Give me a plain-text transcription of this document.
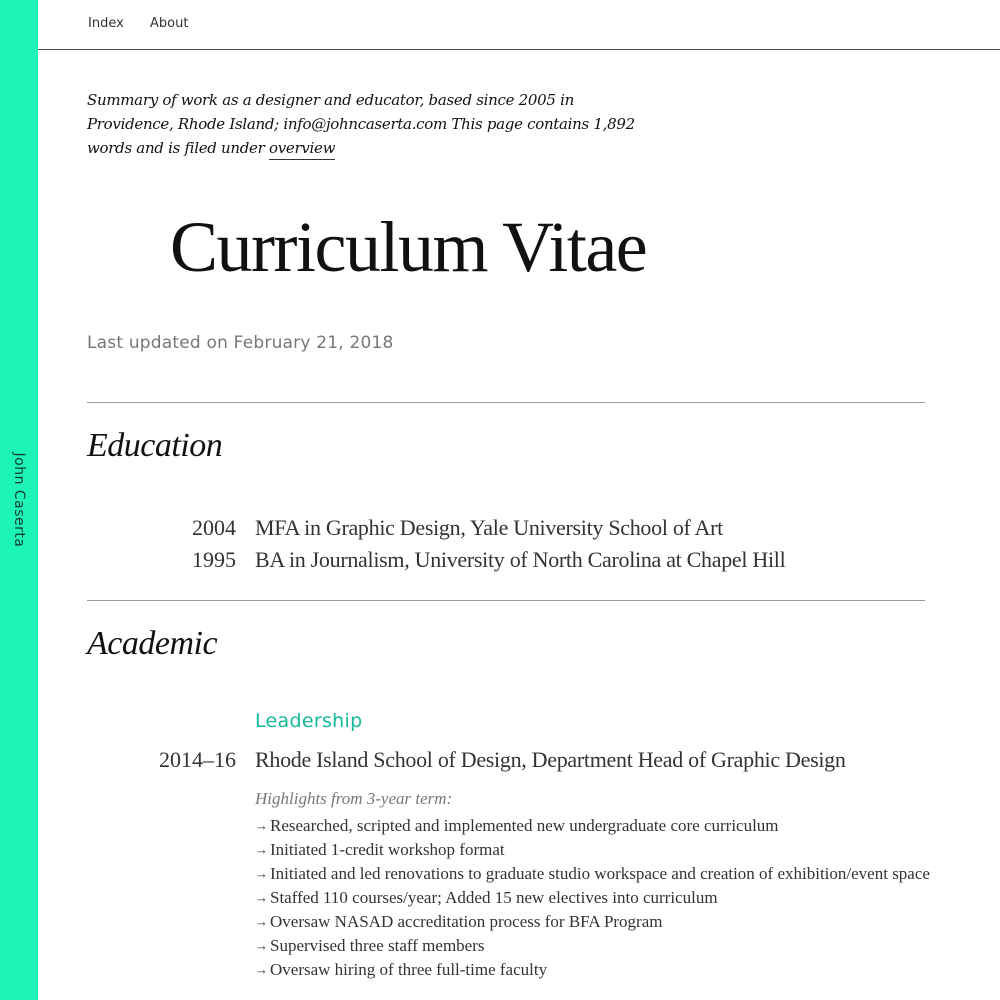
John Caserta
Index About

Summary of work as a designer and educator, based since 2005 in Providence, Rhode Island; info@johncaserta.com This page contains 1,892 words and is filed under overview

Curriculum Vitae
Last updated on February 21, 2018
Education
2004 MFA in Graphic Design, Yale University School of Art
1995 BA in Journalism, University of North Carolina at Chapel Hill
Academic
Leadership
2014–16 Rhode Island School of Design, Department Head of Graphic Design
Highlights from 3-year term:
→ Researched, scripted and implemented new undergraduate core curriculum
→ Initiated 1-credit workshop format
→ Initiated and led renovations to graduate studio workspace and creation of exhibition/event space
→ Staffed 110 courses/year; Added 15 new electives into curriculum
→ Oversaw NASAD accreditation process for BFA Program
→ Supervised three staff members
→ Oversaw hiring of three full-time faculty
